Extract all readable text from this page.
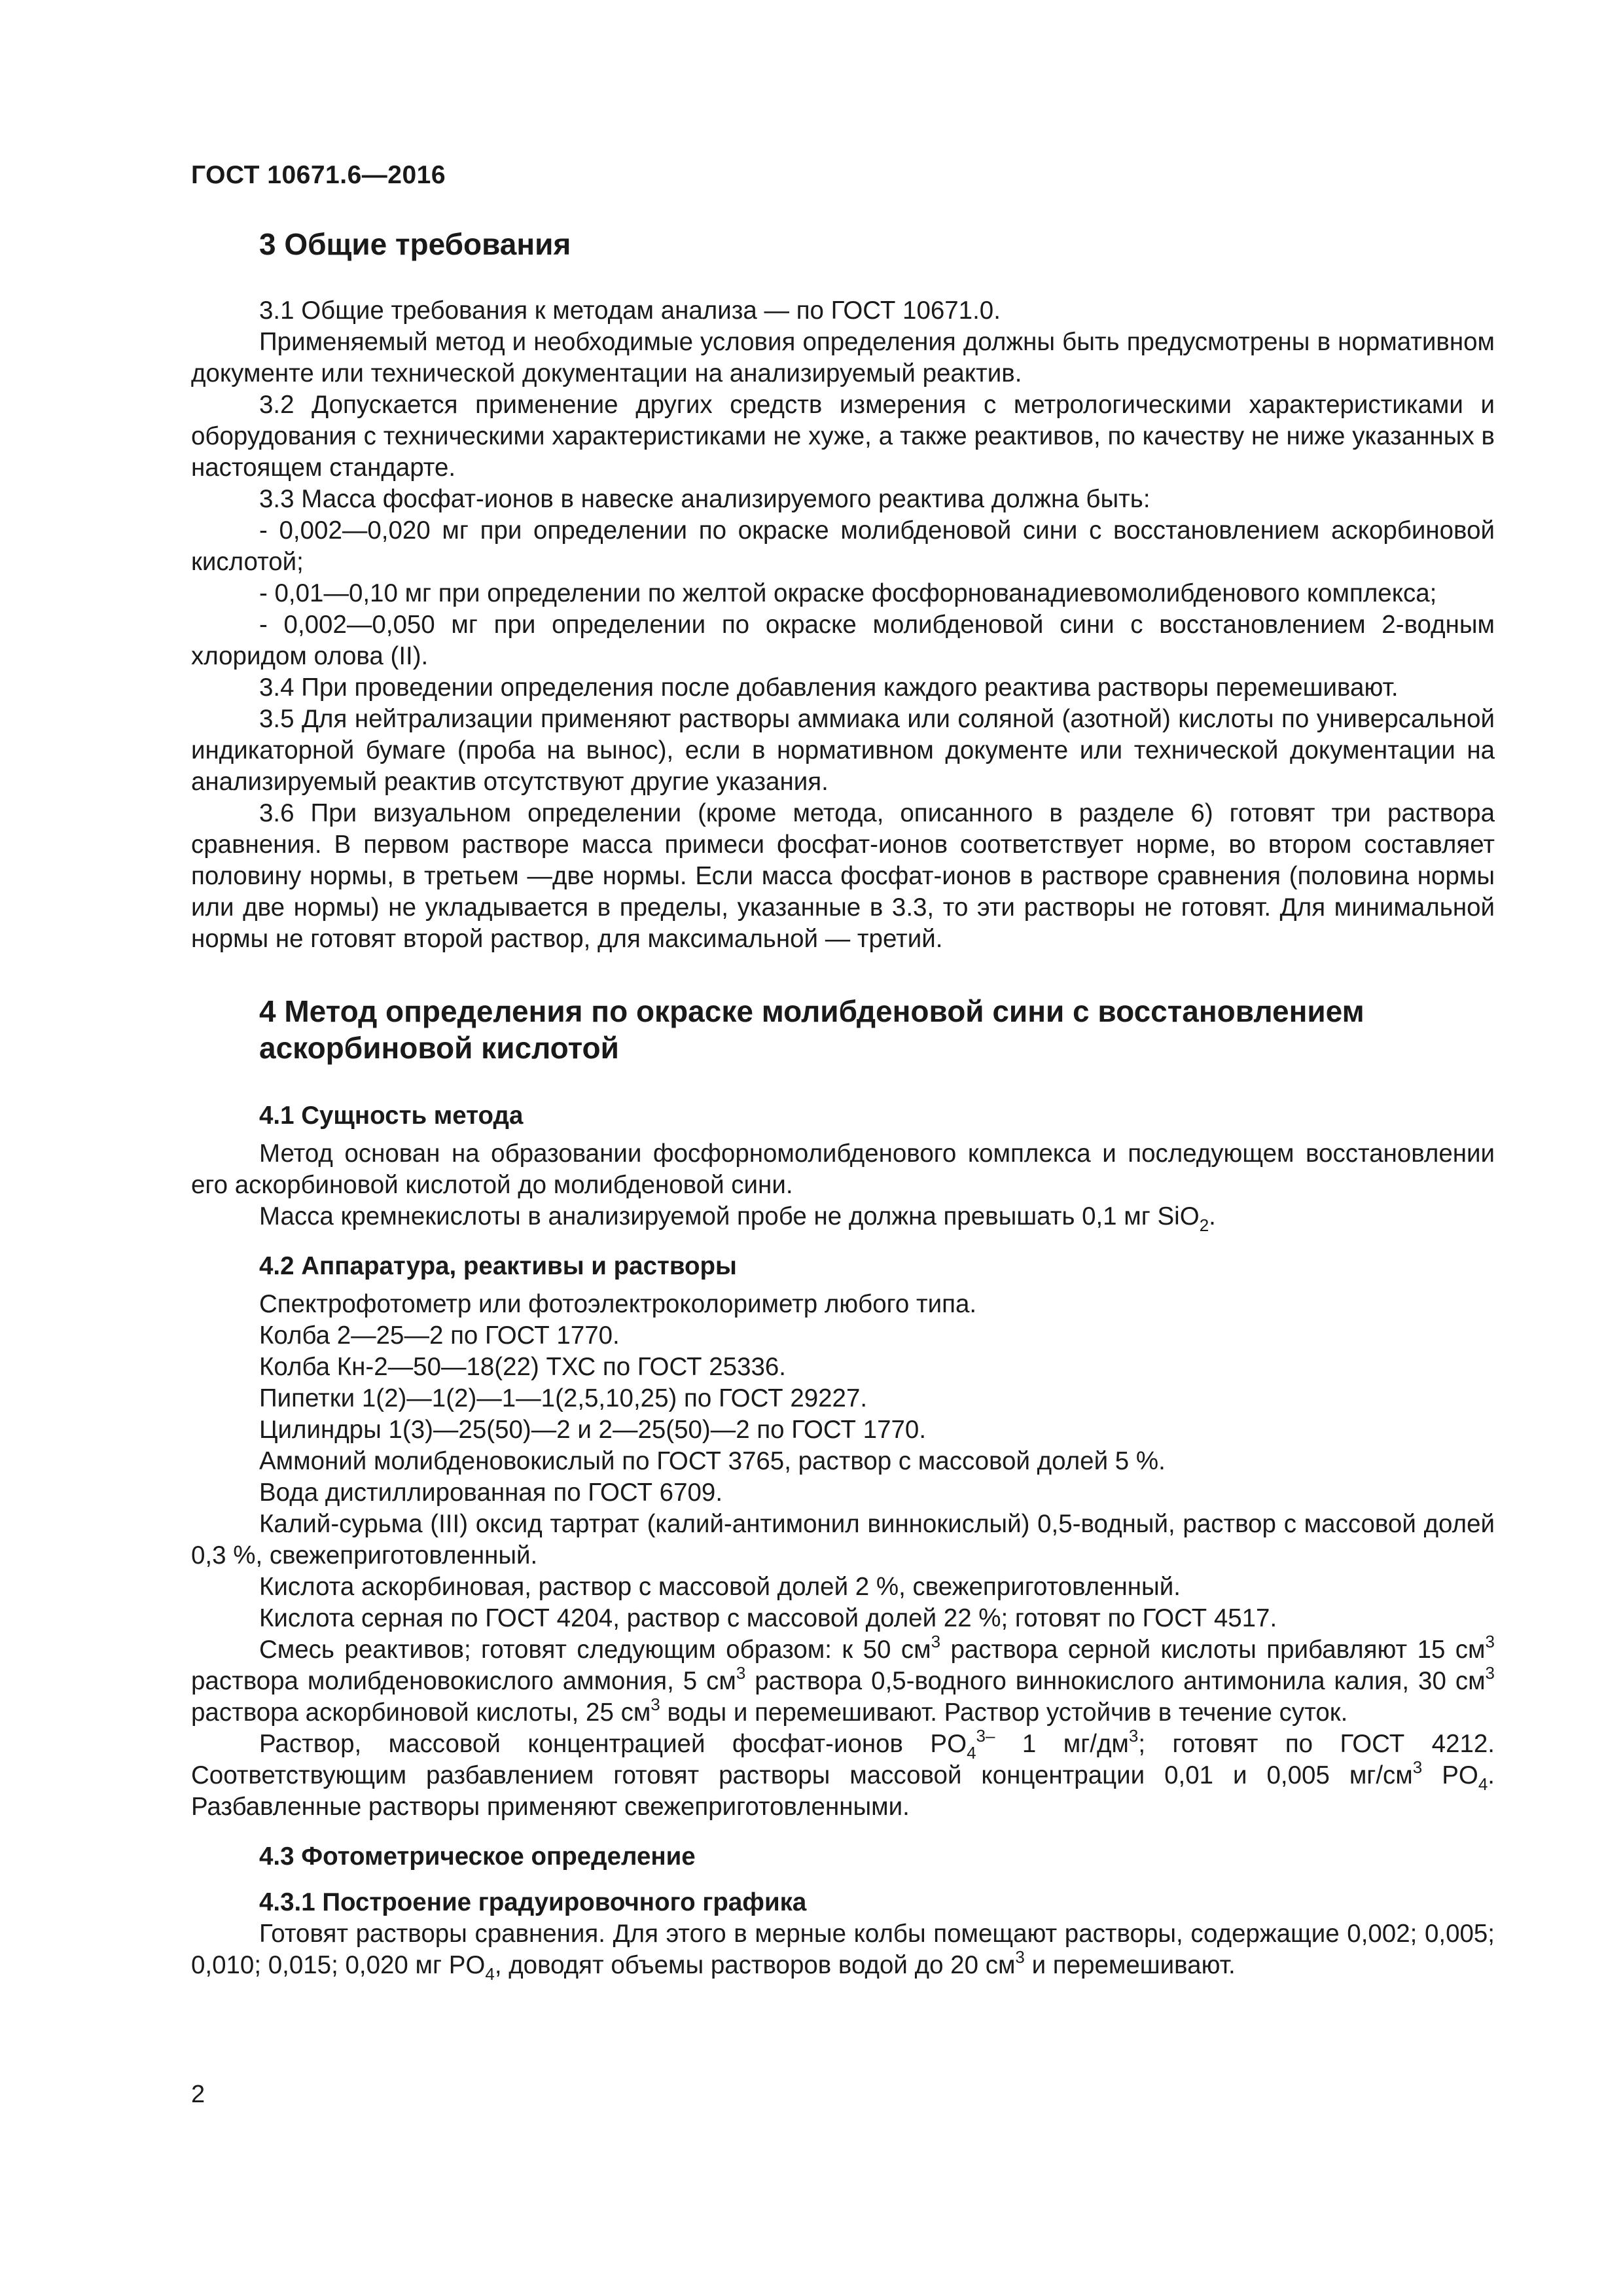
ГОСТ 10671.6—2016
3 Общие требования

3.1 Общие требования к методам анализа — по ГОСТ 10671.0.

Применяемый метод и необходимые условия определения должны быть предусмотрены в нормативном документе или технической документации на анализируемый реактив.

3.2 Допускается применение других средств измерения с метрологическими характеристиками и оборудования с техническими характеристиками не хуже, а также реактивов, по качеству не ниже указанных в настоящем стандарте.

3.3 Масса фосфат-ионов в навеске анализируемого реактива должна быть:

- 0,002—0,020 мг при определении по окраске молибденовой сини с восстановлением аскорбиновой кислотой;

- 0,01—0,10 мг при определении по желтой окраске фосфорнованадиевомолибденового комплекса;

- 0,002—0,050 мг при определении по окраске молибденовой сини с восстановлением 2-водным хлоридом олова (II).

3.4 При проведении определения после добавления каждого реактива растворы перемешивают.

3.5 Для нейтрализации применяют растворы аммиака или соляной (азотной) кислоты по универсальной индикаторной бумаге (проба на вынос), если в нормативном документе или технической документации на анализируемый реактив отсутствуют другие указания.

3.6 При визуальном определении (кроме метода, описанного в разделе 6) готовят три раствора сравнения. В первом растворе масса примеси фосфат-ионов соответствует норме, во втором составляет половину нормы, в третьем —две нормы. Если масса фосфат-ионов в растворе сравнения (половина нормы или две нормы) не укладывается в пределы, указанные в 3.3, то эти растворы не готовят. Для минимальной нормы не готовят второй раствор, для максимальной — третий.

4 Метод определения по окраске молибденовой сини с восстановлением аскорбиновой кислотой
4.1 Сущность метода

Метод основан на образовании фосфорномолибденового комплекса и последующем восстановлении его аскорбиновой кислотой до молибденовой сини.

Масса кремнекислоты в анализируемой пробе не должна превышать 0,1 мг SiO$_2$.

4.2 Аппаратура, реактивы и растворы

Спектрофотометр или фотоэлектроколориметр любого типа.

Колба 2—25—2 по ГОСТ 1770.

Колба Кн-2—50—18(22) ТХС по ГОСТ 25336.

Пипетки 1(2)—1(2)—1—1(2,5,10,25) по ГОСТ 29227.

Цилиндры 1(3)—25(50)—2 и 2—25(50)—2 по ГОСТ 1770.

Аммоний молибденовокислый по ГОСТ 3765, раствор с массовой долей 5 %.

Вода дистиллированная по ГОСТ 6709.

Калий-сурьма (III) оксид тартрат (калий-антимонил виннокислый) 0,5-водный, раствор с массовой долей 0,3 %, свежеприготовленный.

Кислота аскорбиновая, раствор с массовой долей 2 %, свежеприготовленный.

Кислота серная по ГОСТ 4204, раствор с массовой долей 22 %; готовят по ГОСТ 4517.

Смесь реактивов; готовят следующим образом: к 50 $см^3$ раствора серной кислоты прибавляют 15 $см^3$ раствора молибденовокислого аммония, 5 $см^3$ раствора 0,5-водного виннокислого антимонила калия, 30 $см^3$ раствора аскорбиновой кислоты, 25 $см^3$ воды и перемешивают. Раствор устойчив в течение суток.

Раствор, массовой концентрацией фосфат-ионов $PO_4^{3-}$ 1 $мг/дм^3$; готовят по ГОСТ 4212. Соответствующим разбавлением готовят растворы массовой концентрации 0,01 и 0,005 $мг/см^3$ $PO_4$. Разбавленные растворы применяют свежеприготовленными.

4.3 Фотометрическое определение
4.3.1 Построение градуировочного графика

Готовят растворы сравнения. Для этого в мерные колбы помещают растворы, содержащие 0,002; 0,005; 0,010; 0,015; 0,020 мг $PO_4$, доводят объемы растворов водой до 20 $см^3$ и перемешивают.

2
